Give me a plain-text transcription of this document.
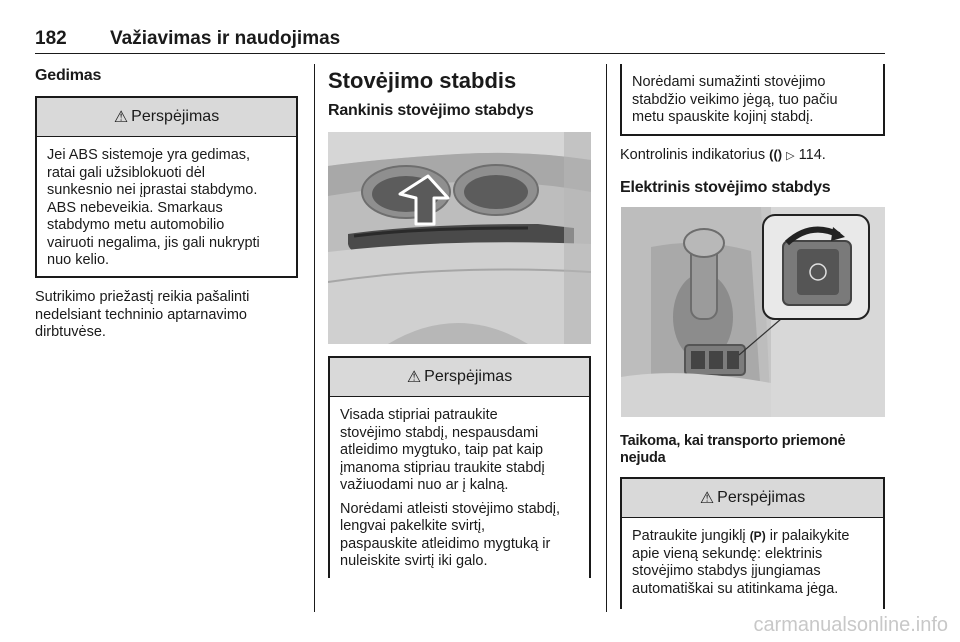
182 Važiavimas ir naudojimas
Gedimas
⚠ Perspėjimas

Jei ABS sistemoje yra gedimas,
ratai gali užsiblokuoti dėl
sunkesnio nei įprastai stabdymo.
ABS nebeveikia. Smarkaus
stabdymo metu automobilio
vairuoti negalima, jis gali nukrypti
nuo kelio.

Sutrikimo priežastį reikia pašalinti
nedelsiant techninio aptarnavimo
dirbtuvėse.

Stovėjimo stabdis
Rankinis stovėjimo stabdys
⚠ Perspėjimas

Visada stipriai patraukite
stovėjimo stabdį, nespausdami
atleidimo mygtuko, taip pat kaip
įmanoma stipriau traukite stabdį
važiuodami nuo ar į kalną.

Norėdami atleisti stovėjimo stabdį,
lengvai pakelkite svirtį,
paspauskite atleidimo mygtuką ir
nuleiskite svirtį iki galo.

Norėdami sumažinti stovėjimo
stabdžio veikimo jėgą, tuo pačiu
metu spauskite kojinį stabdį.

Kontrolinis indikatorius (() ▷ 114.

Elektrinis stovėjimo stabdys
Taikoma, kai transporto priemonė
nejuda
⚠ Perspėjimas

Patraukite jungiklį (P) ir palaikykite
apie vieną sekundę: elektrinis
stovėjimo stabdys įjungiamas
automatiškai su atitinkama jėga.

carmanualsonline.info
